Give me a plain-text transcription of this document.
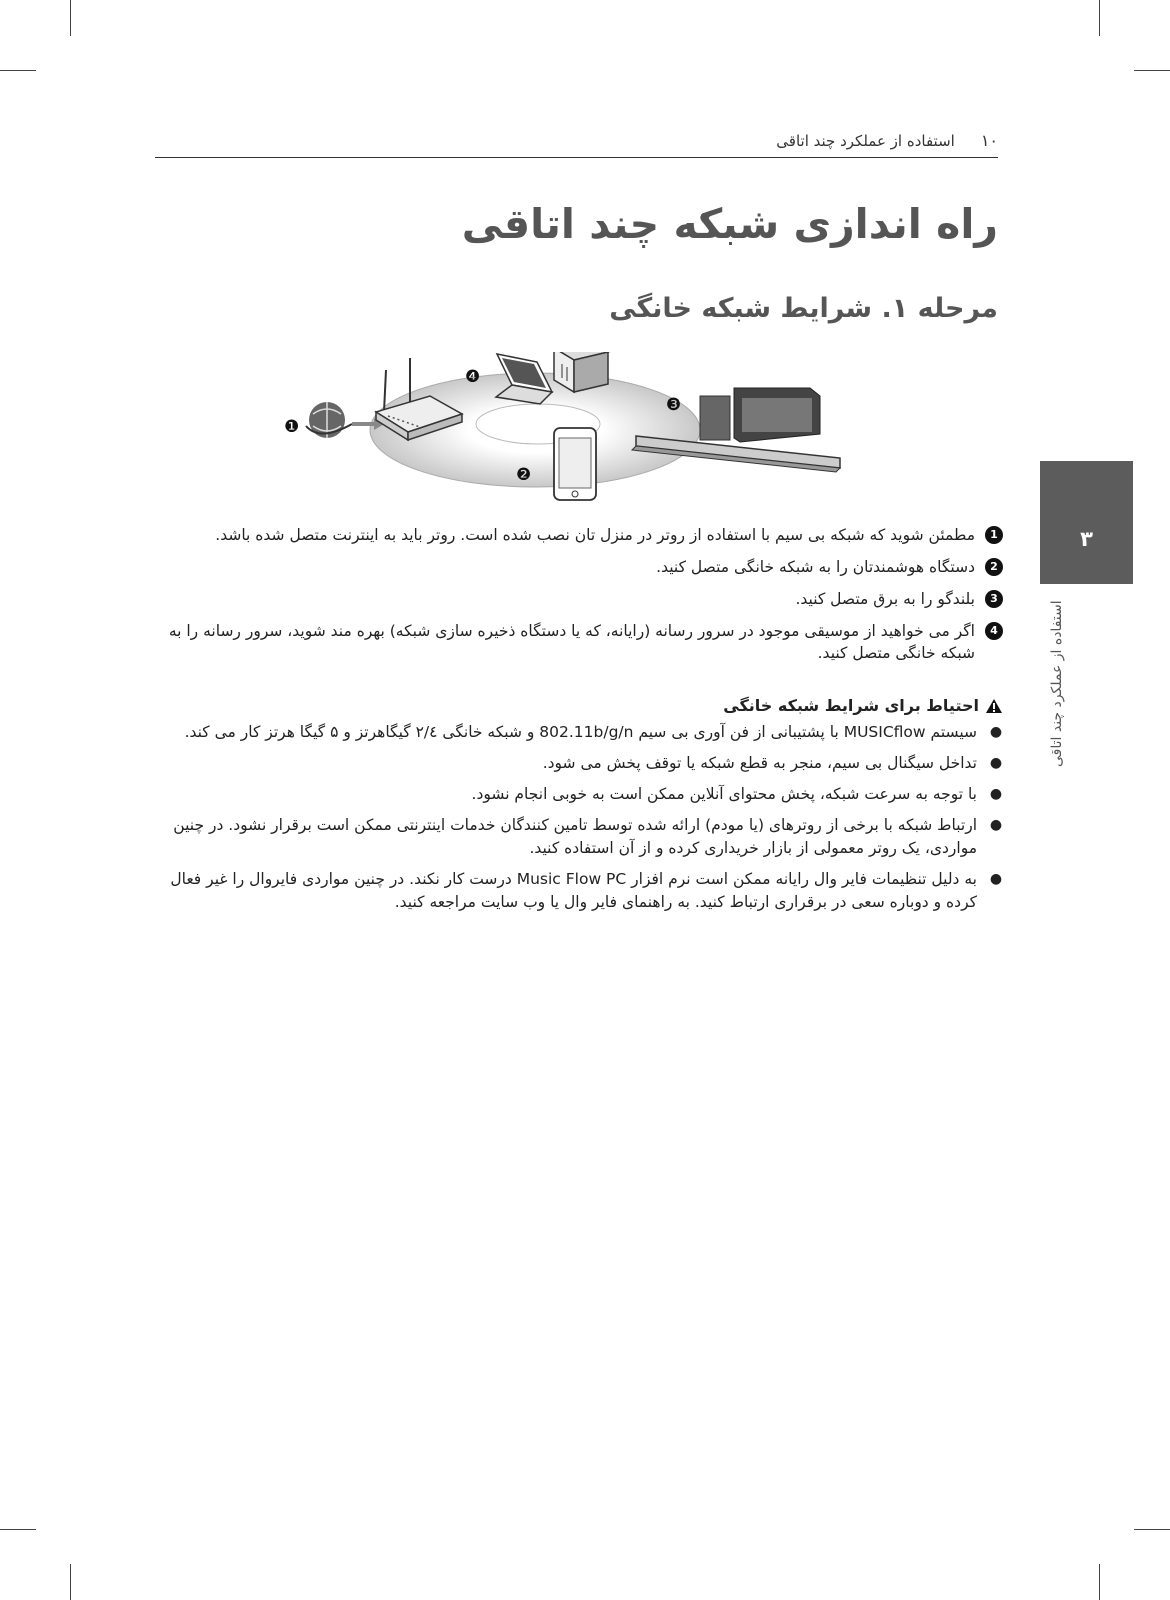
۱۰
استفاده از عملکرد چند اتاقی
راه اندازی شبکه چند اتاقی
مرحله ۱. شرایط شبکه خانگی
❶
❹
❷
❸
1
مطمئن شوید که شبکه بی سیم با استفاده از روتر در منزل تان نصب شده است. روتر باید به اینترنت متصل شده باشد.
2
دستگاه هوشمندتان را به شبکه خانگی متصل کنید.
3
بلندگو را به برق متصل کنید.
4
اگر می خواهید از موسیقی موجود در سرور رسانه (رایانه، که یا دستگاه ذخیره سازی شبکه) بهره مند شوید، سرور رسانه را به شبکه خانگی متصل کنید.
احتیاط برای شرایط شبکه خانگی
●
سیستم MUSICflow با پشتیبانی از فن آوری بی سیم 802.11b/g/n و شبکه خانگی ۲/٤ گیگاهرتز و ۵ گیگا هرتز کار می کند.
●
تداخل سیگنال بی سیم، منجر به قطع شبکه یا توقف پخش می شود.
●
با توجه به سرعت شبکه، پخش محتوای آنلاین ممکن است به خوبی انجام نشود.
●
ارتباط شبکه با برخی از روترهای (یا مودم) ارائه شده توسط تامین کنندگان خدمات اینترنتی ممکن است برقرار نشود. در چنین مواردی، یک روتر معمولی از بازار خریداری کرده و از آن استفاده کنید.
●
به دلیل تنظیمات فایر وال رایانه ممکن است نرم افزار Music Flow PC درست کار نکند. در چنین مواردی فایروال را غیر فعال کرده و دوباره سعی در برقراری ارتباط کنید. به راهنمای فایر وال یا وب سایت مراجعه کنید.
۳
استفاده از عملکرد چند اتاقی
